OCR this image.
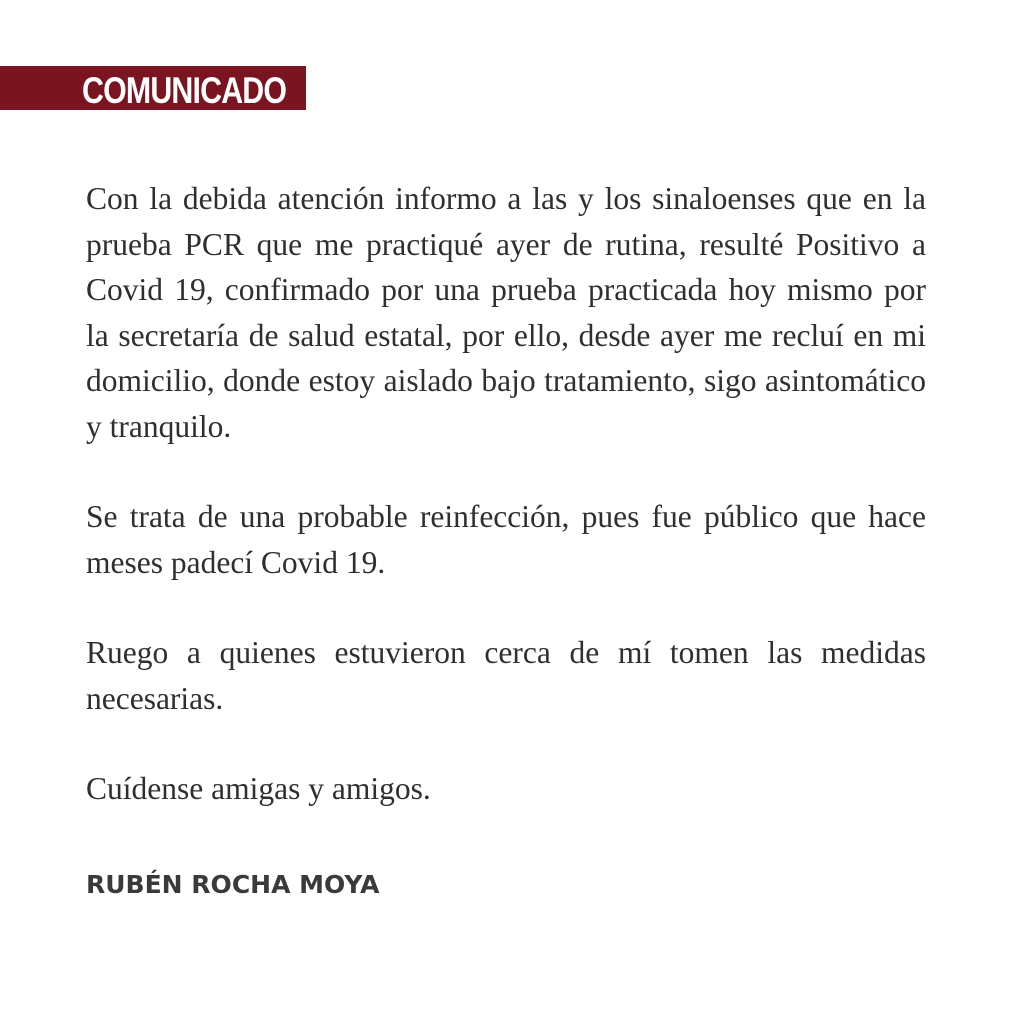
COMUNICADO

Con la debida atención informo a las y los sinaloenses que en la prueba PCR que me practiqué ayer de rutina, resulté Positivo a Covid 19, confirmado por una prueba practicada hoy mismo por la secretaría de salud estatal, por ello, desde ayer me recluí en mi domicilio, donde estoy aislado bajo tratamiento, sigo asintomático y tranquilo.

Se trata de una probable reinfección, pues fue público que hace meses padecí Covid 19.

Ruego a quienes estuvieron cerca de mí tomen las medidas necesarias.

Cuídense amigas y amigos.

RUBÉN ROCHA MOYA
